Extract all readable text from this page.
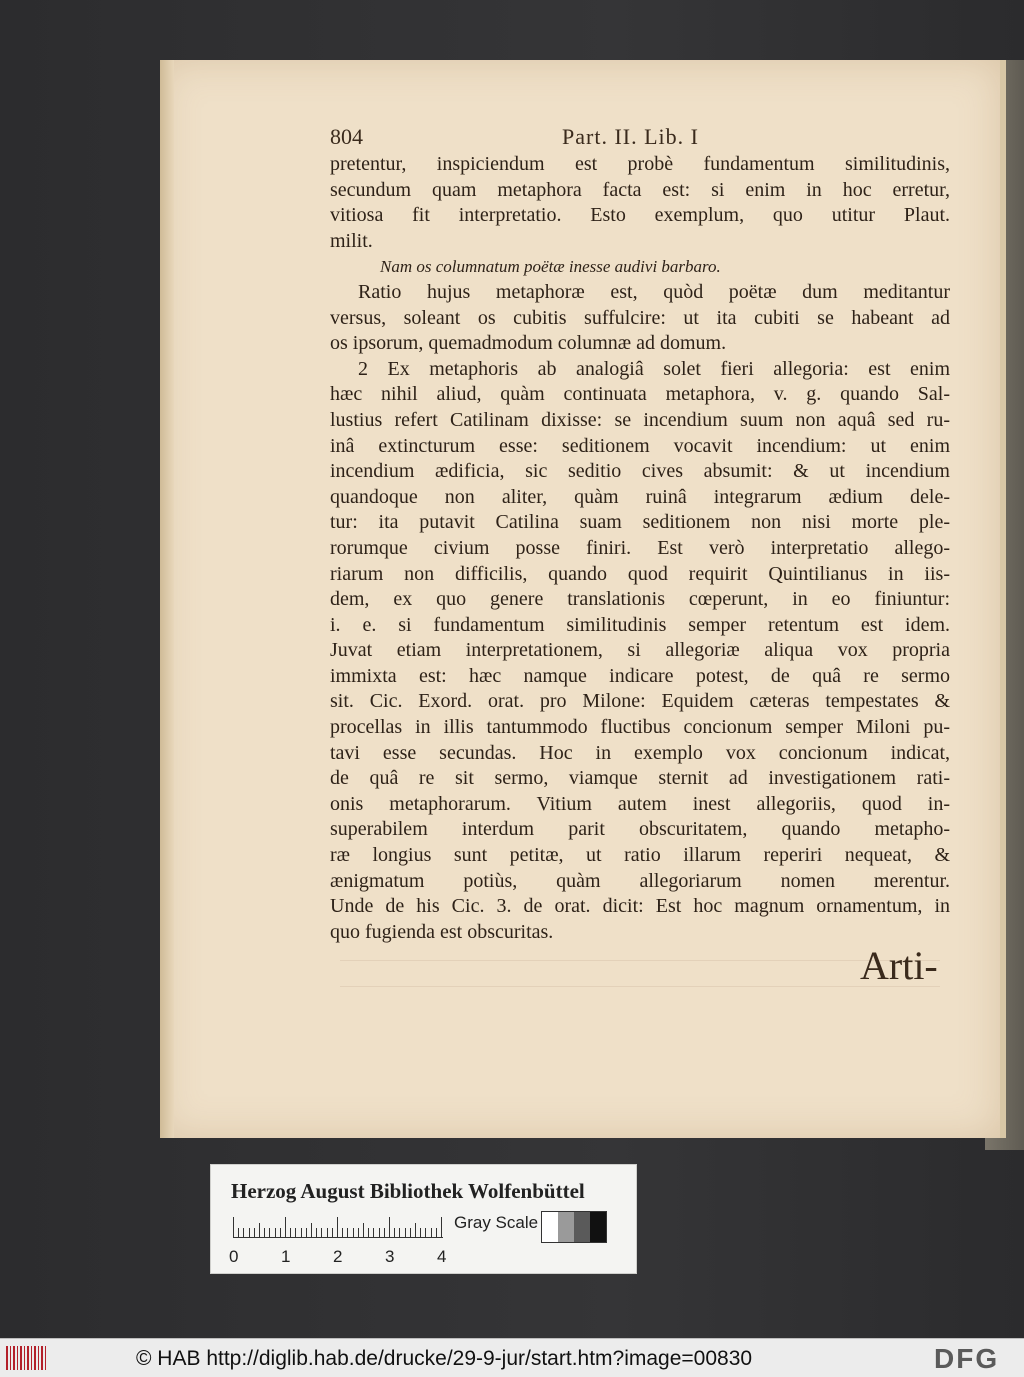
804	Part. II. Lib. I
pretentur, inspiciendum est probè fundamentum similitudinis,
secundum quam metaphora facta est: si enim in hoc erretur,
vitiosa fit interpretatio. Esto exemplum, quo utitur Plaut.
milit.
Nam os columnatum poëtæ inesse audivi barbaro.
Ratio hujus metaphoræ est, quòd poëtæ dum meditantur
versus, soleant os cubitis suffulcire: ut ita cubiti se habeant ad
os ipsorum, quemadmodum columnæ ad domum.
2 Ex metaphoris ab analogiâ solet fieri allegoria: est enim
hæc nihil aliud, quàm continuata metaphora, v. g. quando Sal-
lustius refert Catilinam dixisse: se incendium suum non aquâ sed ru-
inâ extincturum esse: seditionem vocavit incendium: ut enim
incendium ædificia, sic seditio cives absumit: & ut incendium
quandoque non aliter, quàm ruinâ integrarum ædium dele-
tur: ita putavit Catilina suam seditionem non nisi morte ple-
rorumque civium posse finiri. Est verò interpretatio allego-
riarum non difficilis, quando quod requirit Quintilianus in iis-
dem, ex quo genere translationis cœperunt, in eo finiuntur:
i. e. si fundamentum similitudinis semper retentum est idem.
Juvat etiam interpretationem, si allegoriæ aliqua vox propria
immixta est: hæc namque indicare potest, de quâ re sermo
sit. Cic. Exord. orat. pro Milone: Equidem cæteras tempestates &
procellas in illis tantummodo fluctibus concionum semper Miloni pu-
tavi esse secundas. Hoc in exemplo vox concionum indicat,
de quâ re sit sermo, viamque sternit ad investigationem rati-
onis metaphorarum. Vitium autem inest allegoriis, quod in-
superabilem interdum parit obscuritatem, quando metapho-
ræ longius sunt petitæ, ut ratio illarum reperiri nequeat, &
ænigmatum potiùs, quàm allegoriarum nomen merentur.
Unde de his Cic. 3. de orat. dicit: Est hoc magnum ornamentum, in
quo fugienda est obscuritas.
Arti-
Herzog August Bibliothek Wolfenbüttel
0	1	2	3	4
Gray Scale
© HAB http://diglib.hab.de/drucke/29-9-jur/start.htm?image=00830	DFG
